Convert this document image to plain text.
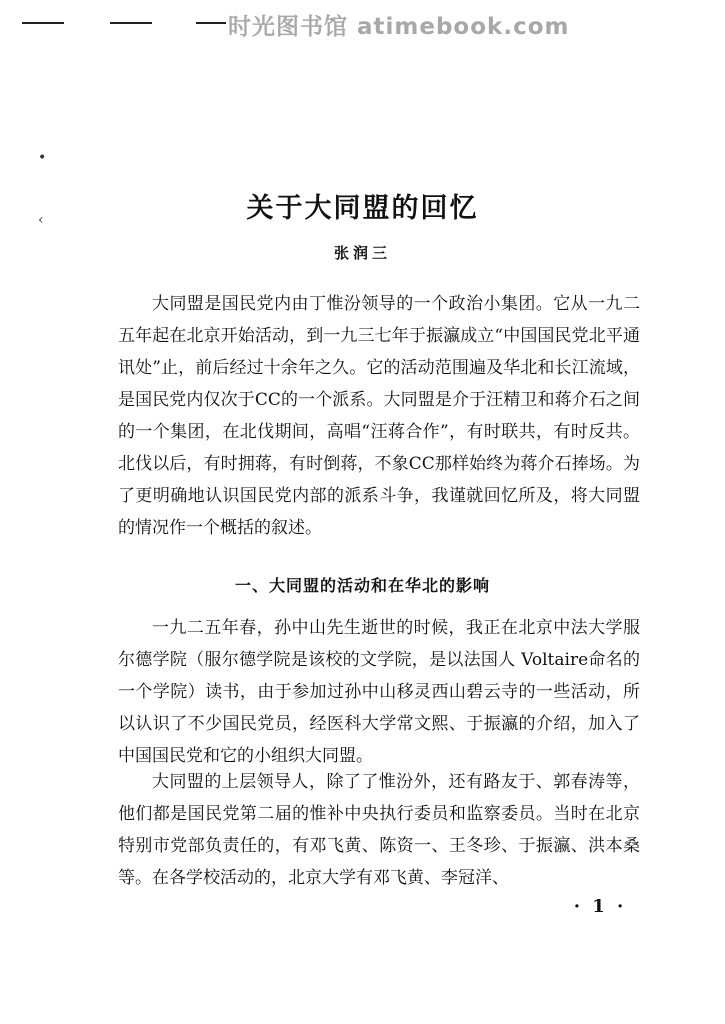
时光图书馆 atimebook.com
•
‹	关于大同盟的回忆
张润三

大同盟是国民党内由丁惟汾领导的一个政治小集团。它从一九二五年起在北京开始活动，到一九三七年于振瀛成立“中国国民党北平通讯处”止，前后经过十余年之久。它的活动范围遍及华北和长江流域，是国民党内仅次于CC的一个派系。大同盟是介于汪精卫和蒋介石之间的一个集团，在北伐期间，高唱“汪蒋合作”，有时联共，有时反共。北伐以后，有时拥蒋，有时倒蒋，不象CC那样始终为蒋介石捧场。为了更明确地认识国民党内部的派系斗争，我谨就回忆所及，将大同盟的情况作一个概括的叙述。

一、大同盟的活动和在华北的影响

一九二五年春，孙中山先生逝世的时候，我正在北京中法大学服尔德学院（服尔德学院是该校的文学院，是以法国人 Voltaire命名的一个学院）读书，由于参加过孙中山移灵西山碧云寺的一些活动，所以认识了不少国民党员，经医科大学常文熙、于振瀛的介绍，加入了中国国民党和它的小组织大同盟。

大同盟的上层领导人，除了了惟汾外，还有路友于、郭春涛等，他们都是国民党第二届的惟补中央执行委员和监察委员。当时在北京特别市党部负责任的，有邓飞黄、陈资一、王冬珍、于振瀛、洪本桑等。在各学校活动的，北京大学有邓飞黄、李冠洋、

· 1 ·
